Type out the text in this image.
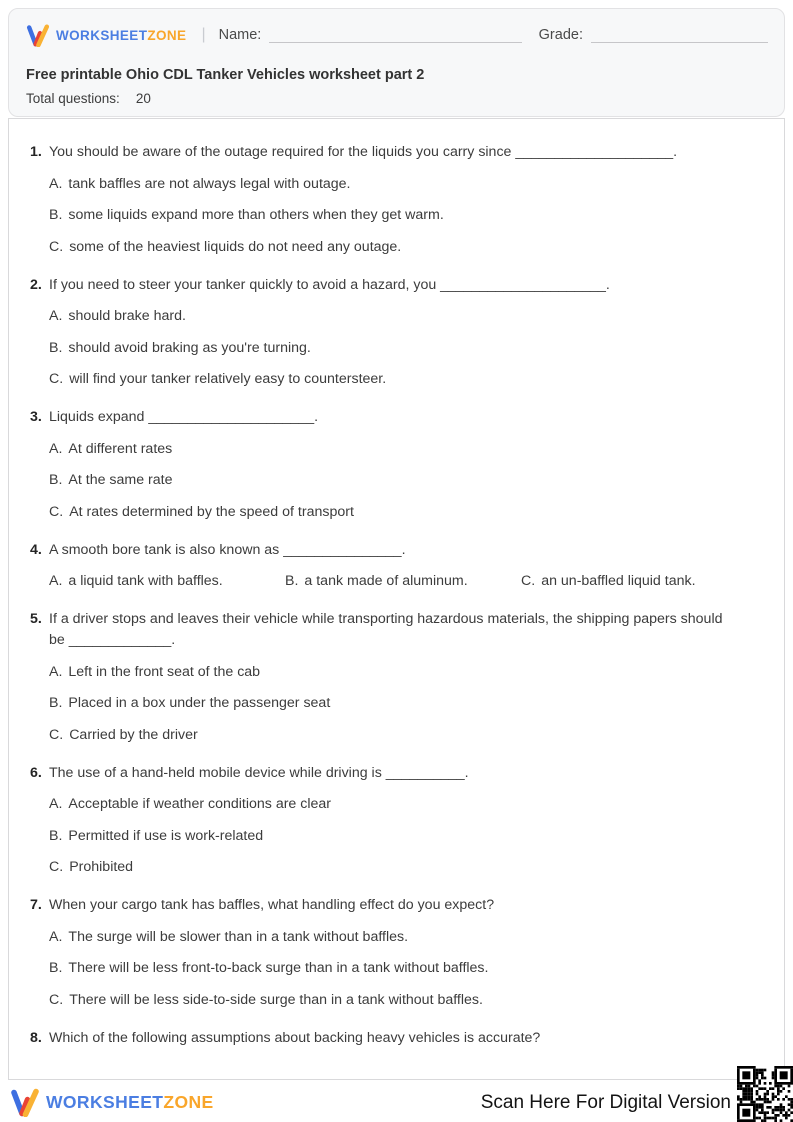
WORKSHEETZONE | Name:	Grade:
Free printable Ohio CDL Tanker Vehicles worksheet part 2
Total questions: 20
1. You should be aware of the outage required for the liquids you carry since ____________________.
A. tank baffles are not always legal with outage.
B. some liquids expand more than others when they get warm.
C. some of the heaviest liquids do not need any outage.
2. If you need to steer your tanker quickly to avoid a hazard, you _____________________.
A. should brake hard.
B. should avoid braking as you're turning.
C. will find your tanker relatively easy to countersteer.
3. Liquids expand _____________________.
A. At different rates
B. At the same rate
C. At rates determined by the speed of transport
4. A smooth bore tank is also known as _______________.
A. a liquid tank with baffles.	B. a tank made of aluminum.	C. an un-baffled liquid tank.
5. If a driver stops and leaves their vehicle while transporting hazardous materials, the shipping papers should be _____________.
A. Left in the front seat of the cab
B. Placed in a box under the passenger seat
C. Carried by the driver
6. The use of a hand-held mobile device while driving is __________.
A. Acceptable if weather conditions are clear
B. Permitted if use is work-related
C. Prohibited
7. When your cargo tank has baffles, what handling effect do you expect?
A. The surge will be slower than in a tank without baffles.
B. There will be less front-to-back surge than in a tank without baffles.
C. There will be less side-to-side surge than in a tank without baffles.
8. Which of the following assumptions about backing heavy vehicles is accurate?
WORKSHEETZONE	Scan Here For Digital Version
